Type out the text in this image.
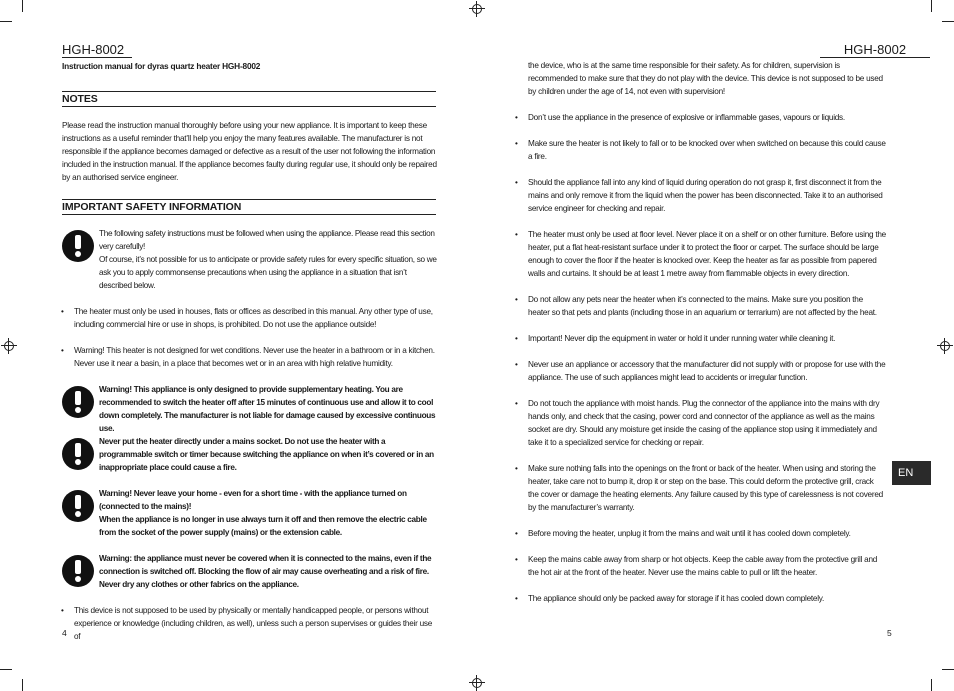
HGH-8002
Instruction manual for dyras quartz heater HGH-8002
NOTES
Please read the instruction manual thoroughly before using your new appliance. It is important to keep these instructions as a useful reminder that’ll help you enjoy the many features available. The manufacturer is not responsible if the appliance becomes damaged or defective as a result of the user not following the information included in the instruction manual. If the appliance becomes faulty during regular use, it should only be repaired by an authorised service engineer.
IMPORTANT SAFETY INFORMATION
The following safety instructions must be followed when using the appliance. Please read this section very carefully!
Of course, it’s not possible for us to anticipate or provide safety rules for every specific situation, so we ask you to apply commonsense precautions when using the appliance in a situation that isn’t described below.
• The heater must only be used in houses, flats or offices as described in this manual. Any other type of use, including commercial hire or use in shops, is prohibited. Do not use the appliance outside!
• Warning! This heater is not designed for wet conditions. Never use the heater in a bathroom or in a kitchen. Never use it near a basin, in a place that becomes wet or in an area with high relative humidity.
Warning! This appliance is only designed to provide supplementary heating. You are recommended to switch the heater off after 15 minutes of continuous use and allow it to cool down completely. The manufacturer is not liable for damage caused by excessive continuous use.
Never put the heater directly under a mains socket. Do not use the heater with a programmable switch or timer because switching the appliance on when it’s covered or in an inappropriate place could cause a fire.
Warning! Never leave your home - even for a short time - with the appliance turned on (connected to the mains)!
When the appliance is no longer in use always turn it off and then remove the electric cable from the socket of the power supply (mains) or the extension cable.
Warning: the appliance must never be covered when it is connected to the mains, even if the connection is switched off. Blocking the flow of air may cause overheating and a risk of fire. Never dry any clothes or other fabrics on the appliance.
• This device is not supposed to be used by physically or mentally handicapped people, or persons without experience or knowledge (including children, as well), unless such a person supervises or guides their use of
4
HGH-8002
the device, who is at the same time responsible for their safety. As for children, supervision is recommended to make sure that they do not play with the device. This device is not supposed to be used by children under the age of 14, not even with supervision!
• Don’t use the appliance in the presence of explosive or inflammable gases, vapours or liquids.
• Make sure the heater is not likely to fall or to be knocked over when switched on because this could cause a fire.
• Should the appliance fall into any kind of liquid during operation do not grasp it, first disconnect it from the mains and only remove it from the liquid when the power has been disconnected. Take it to an authorised service engineer for checking and repair.
• The heater must only be used at floor level. Never place it on a shelf or on other furniture. Before using the heater, put a flat heat-resistant surface under it to protect the floor or carpet. The surface should be large enough to cover the floor if the heater is knocked over. Keep the heater as far as possible from papered walls and curtains. It should be at least 1 metre away from flammable objects in every direction.
• Do not allow any pets near the heater when it’s connected to the mains. Make sure you position the heater so that pets and plants (including those in an aquarium or terrarium) are not affected by the heat.
• Important! Never dip the equipment in water or hold it under running water while cleaning it.
• Never use an appliance or accessory that the manufacturer did not supply with or propose for use with the appliance. The use of such appliances might lead to accidents or irregular function.
• Do not touch the appliance with moist hands. Plug the connector of the appliance into the mains with dry hands only, and check that the casing, power cord and connector of the appliance as well as the mains socket are dry. Should any moisture get inside the casing of the appliance stop using it immediately and take it to a specialized service for checking or repair.
• Make sure nothing falls into the openings on the front or back of the heater. When using and storing the heater, take care not to bump it, drop it or step on the base. This could deform the protective grill, crack the cover or damage the heating elements. Any failure caused by this type of carelessness is not covered by the manufacturer’s warranty.
• Before moving the heater, unplug it from the mains and wait until it has cooled down completely.
• Keep the mains cable away from sharp or hot objects. Keep the cable away from the protective grill and the hot air at the front of the heater. Never use the mains cable to pull or lift the heater.
• The appliance should only be packed away for storage if it has cooled down completely.
EN
5
